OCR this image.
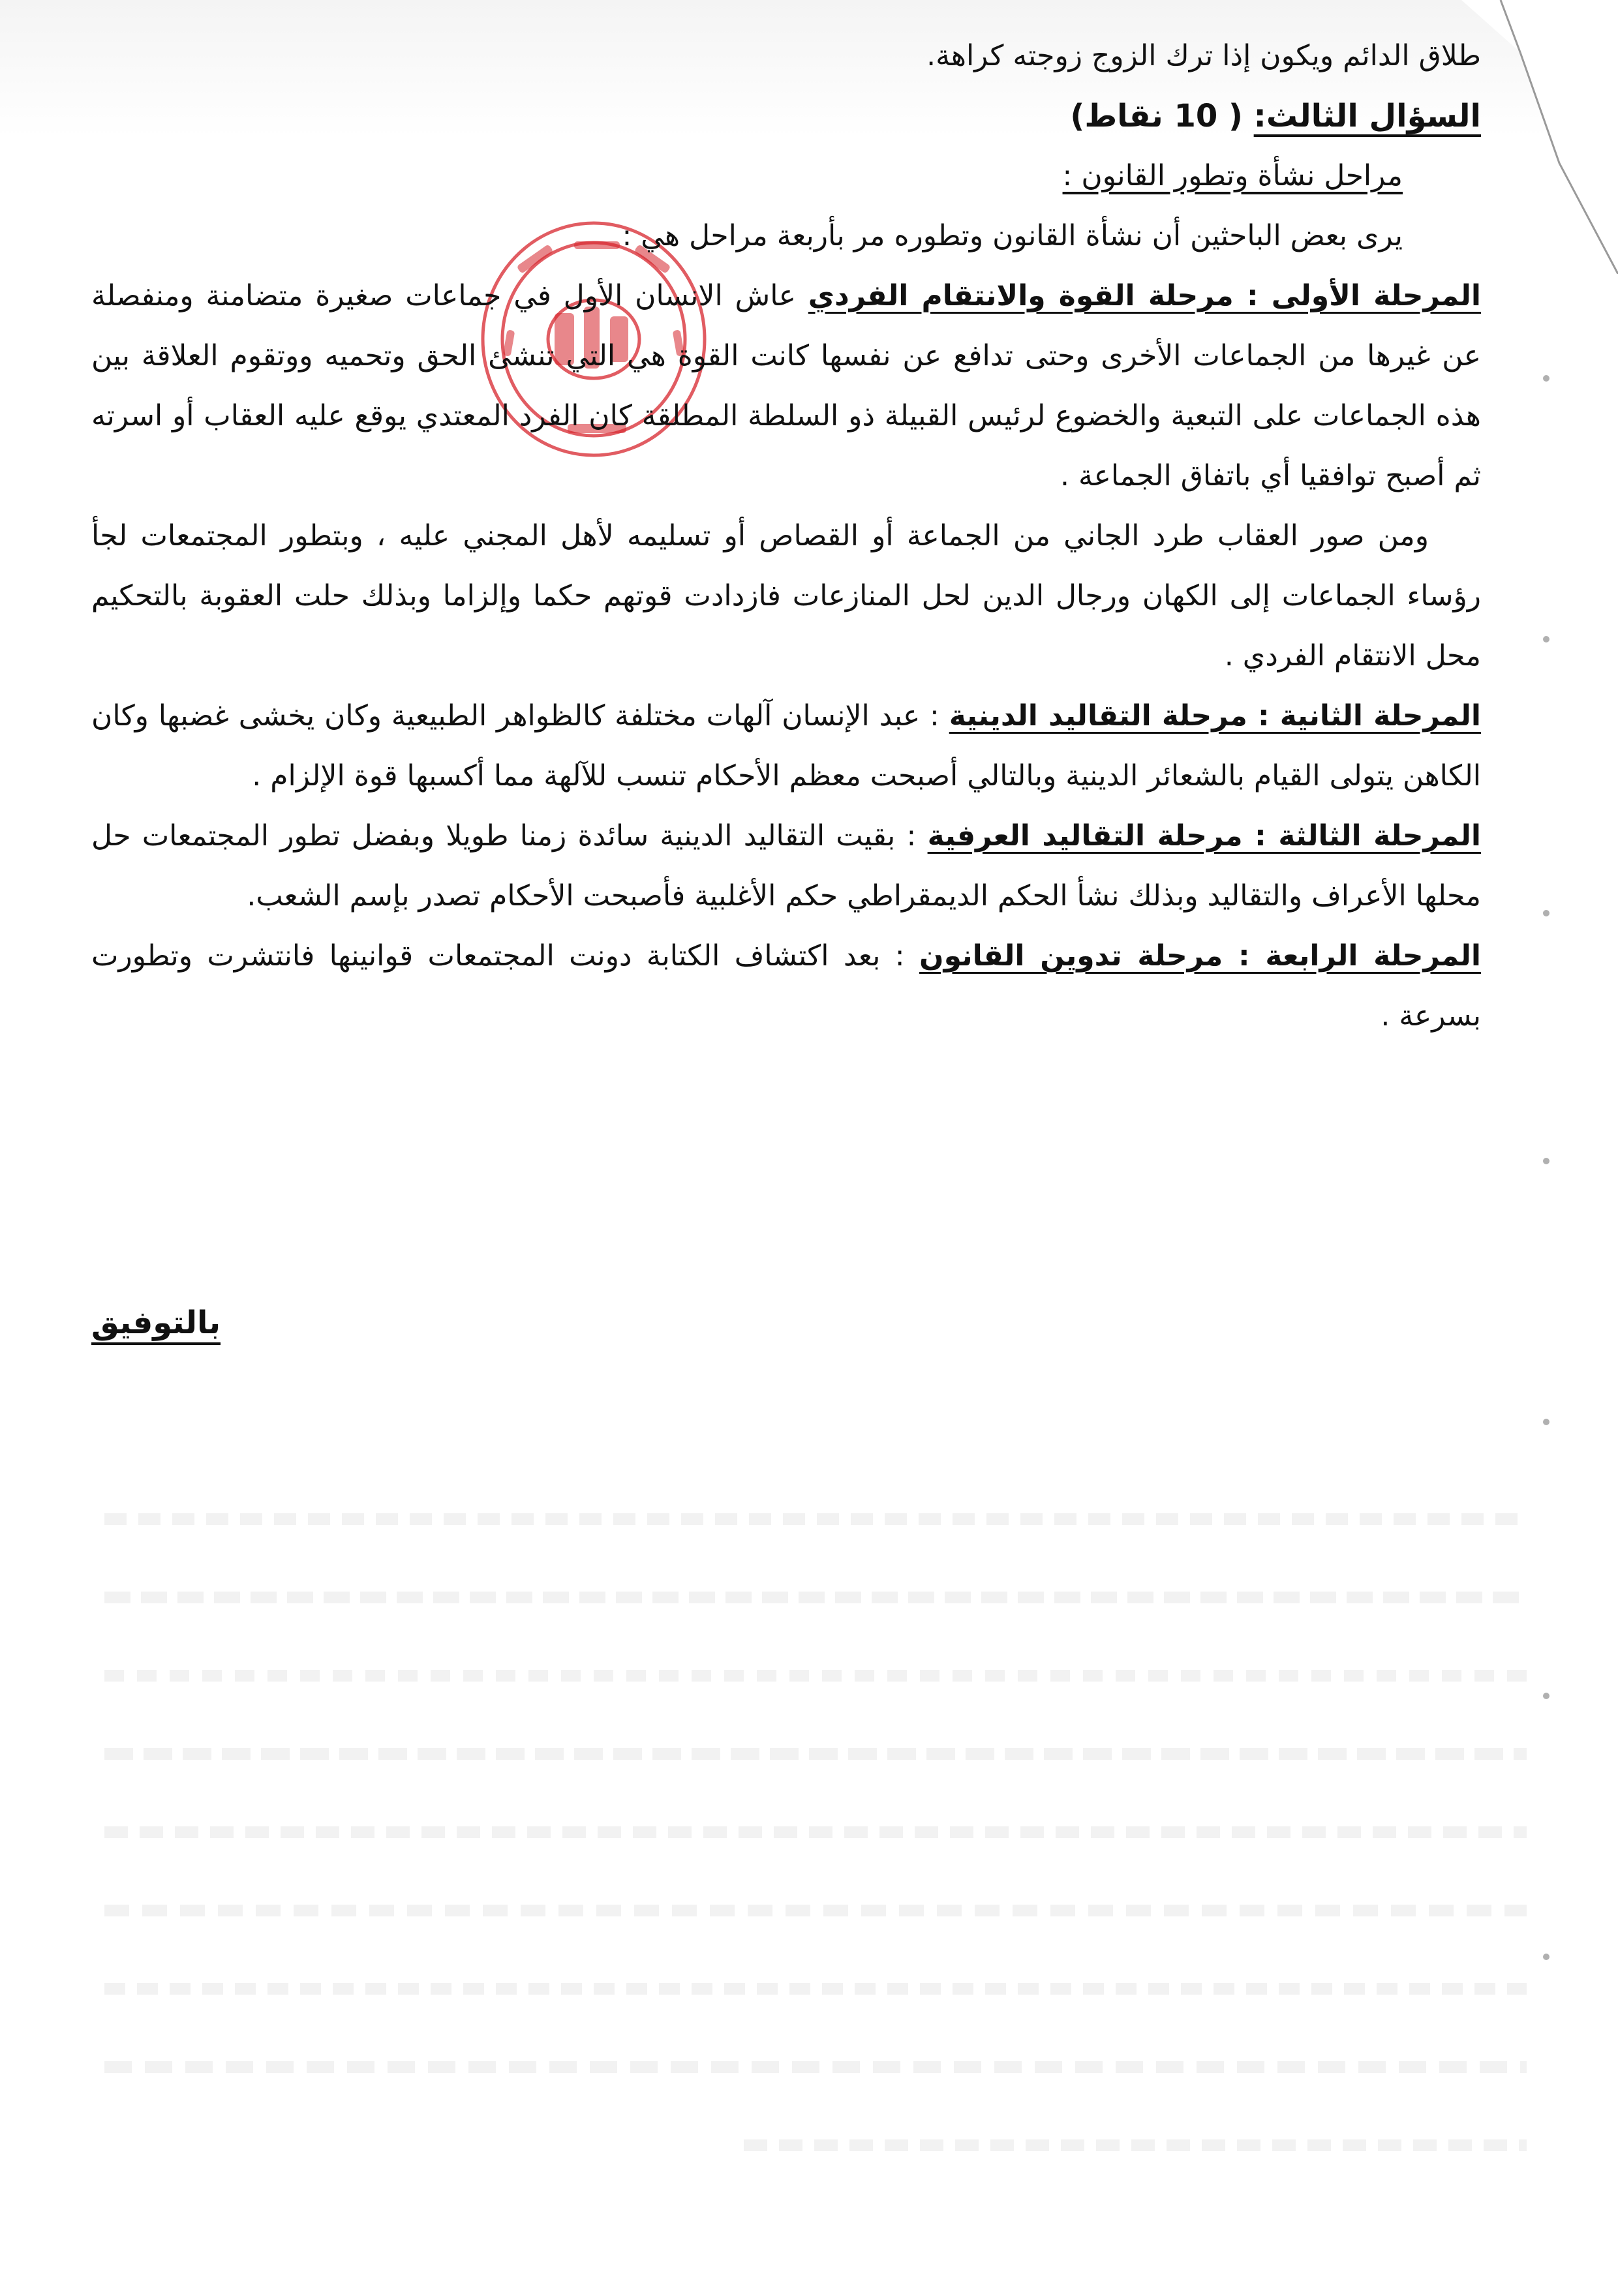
طلاق الدائم ويكون إذا ترك الزوج زوجته كراهة.

السؤال الثالث: ( 10 نقاط)

مراحل نشأة وتطور القانون :

يرى بعض الباحثين أن نشأة القانون وتطوره مر بأربعة مراحل هي :

المرحلة الأولى : مرحلة القوة والانتقام الفردي عاش الانسان الأول في جماعات صغيرة متضامنة ومنفصلة عن غيرها من الجماعات الأخرى وحتى تدافع عن نفسها كانت القوة هي التي تنشئ الحق وتحميه ووتقوم العلاقة بين هذه الجماعات على التبعية والخضوع لرئيس القبيلة ذو السلطة المطلقة كان الفرد المعتدي يوقع عليه العقاب أو اسرته ثم أصبح توافقيا أي باتفاق الجماعة .

ومن صور العقاب طرد الجاني من الجماعة أو القصاص أو تسليمه لأهل المجني عليه ، وبتطور المجتمعات لجأ رؤساء الجماعات إلى الكهان ورجال الدين لحل المنازعات فازدادت قوتهم حكما وإلزاما وبذلك حلت العقوبة بالتحكيم محل الانتقام الفردي .

المرحلة الثانية : مرحلة التقاليد الدينية : عبد الإنسان آلهات مختلفة كالظواهر الطبيعية وكان يخشى غضبها وكان الكاهن يتولى القيام بالشعائر الدينية وبالتالي أصبحت معظم الأحكام تنسب للآلهة مما أكسبها قوة الإلزام .

المرحلة الثالثة : مرحلة التقاليد العرفية : بقيت التقاليد الدينية سائدة زمنا طويلا وبفضل تطور المجتمعات حل محلها الأعراف والتقاليد وبذلك نشأ الحكم الديمقراطي حكم الأغلبية فأصبحت الأحكام تصدر بإسم الشعب.

المرحلة الرابعة : مرحلة تدوين القانون : بعد اكتشاف الكتابة دونت المجتمعات قوانينها فانتشرت وتطورت بسرعة .

بالتوفيق
